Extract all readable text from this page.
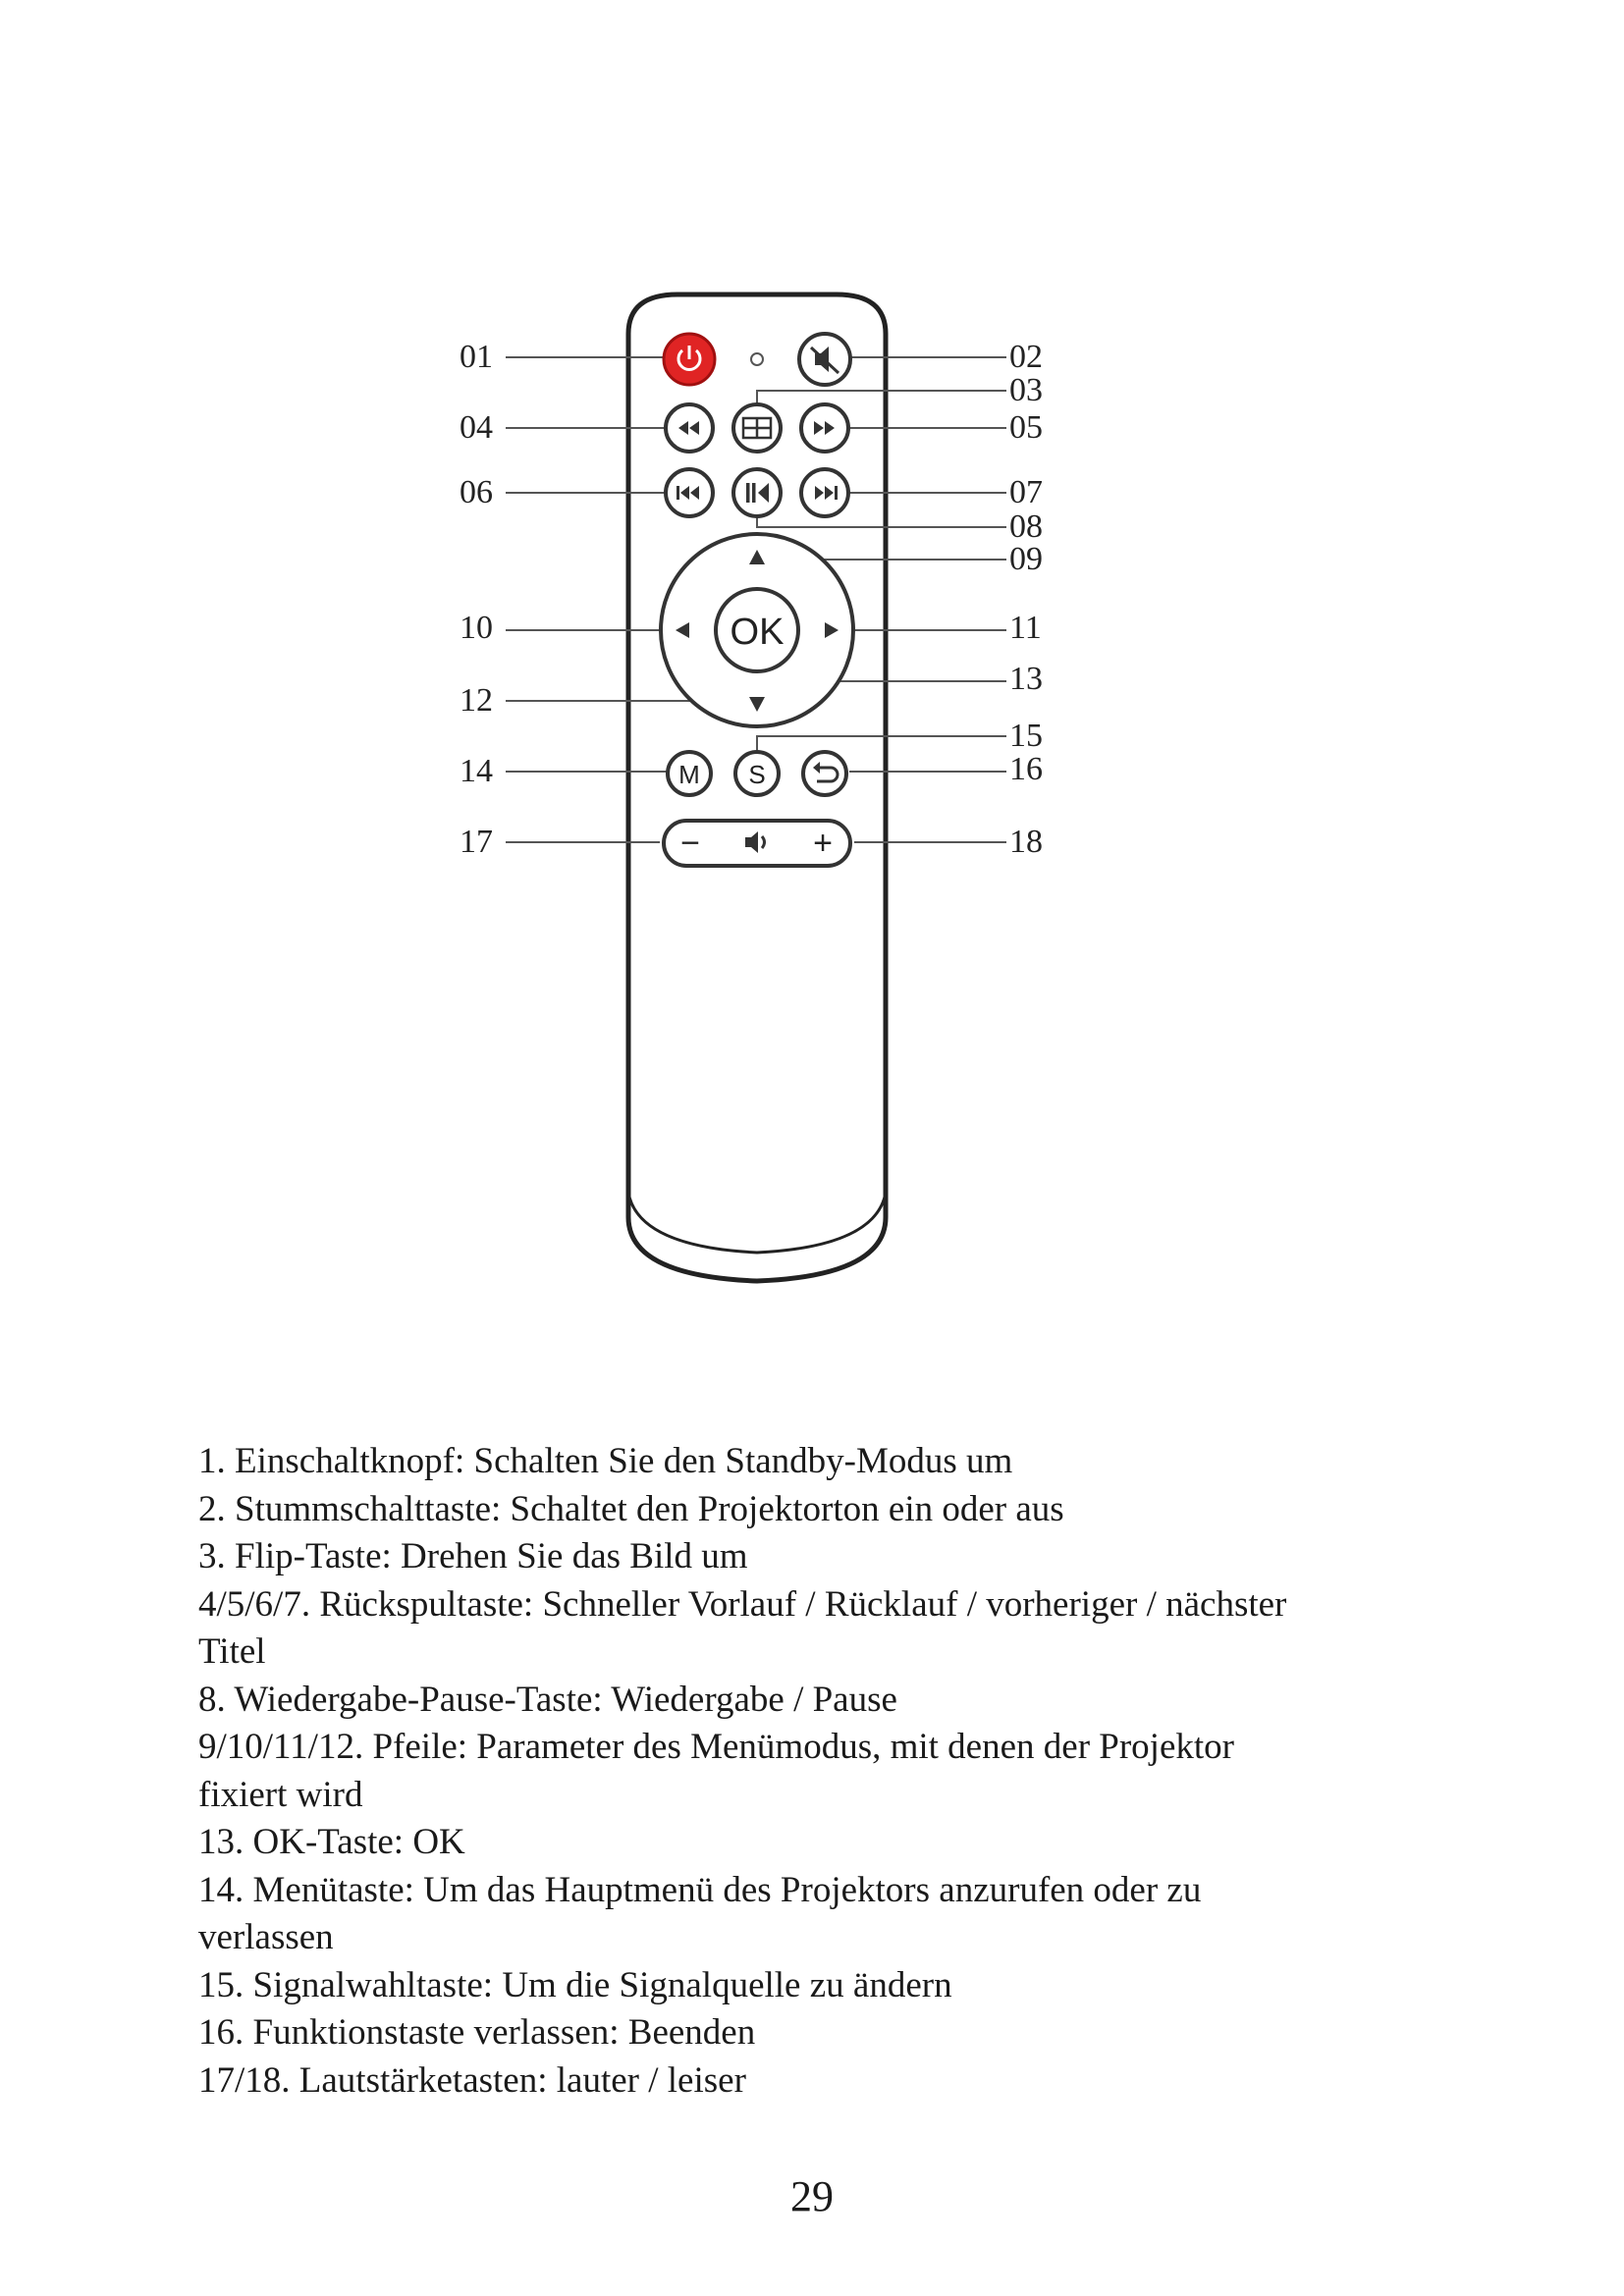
OK
M S
−	+
01
04
06
10
12
14
17
02
03
05
07
08
09
11
13
15
16
18

1. Einschaltknopf: Schalten Sie den Standby-Modus um

2. Stummschalttaste: Schaltet den Projektorton ein oder aus

3. Flip-Taste: Drehen Sie das Bild um

4/5/6/7. Rückspultaste: Schneller Vorlauf / Rücklauf / vorheriger / nächster Titel

8. Wiedergabe-Pause-Taste: Wiedergabe / Pause

9/10/11/12. Pfeile: Parameter des Menümodus, mit denen der Projektor fixiert wird

13. OK-Taste: OK

14. Menütaste: Um das Hauptmenü des Projektors anzurufen oder zu verlassen

15. Signalwahltaste: Um die Signalquelle zu ändern

16. Funktionstaste verlassen: Beenden

17/18. Lautstärketasten: lauter / leiser

29
